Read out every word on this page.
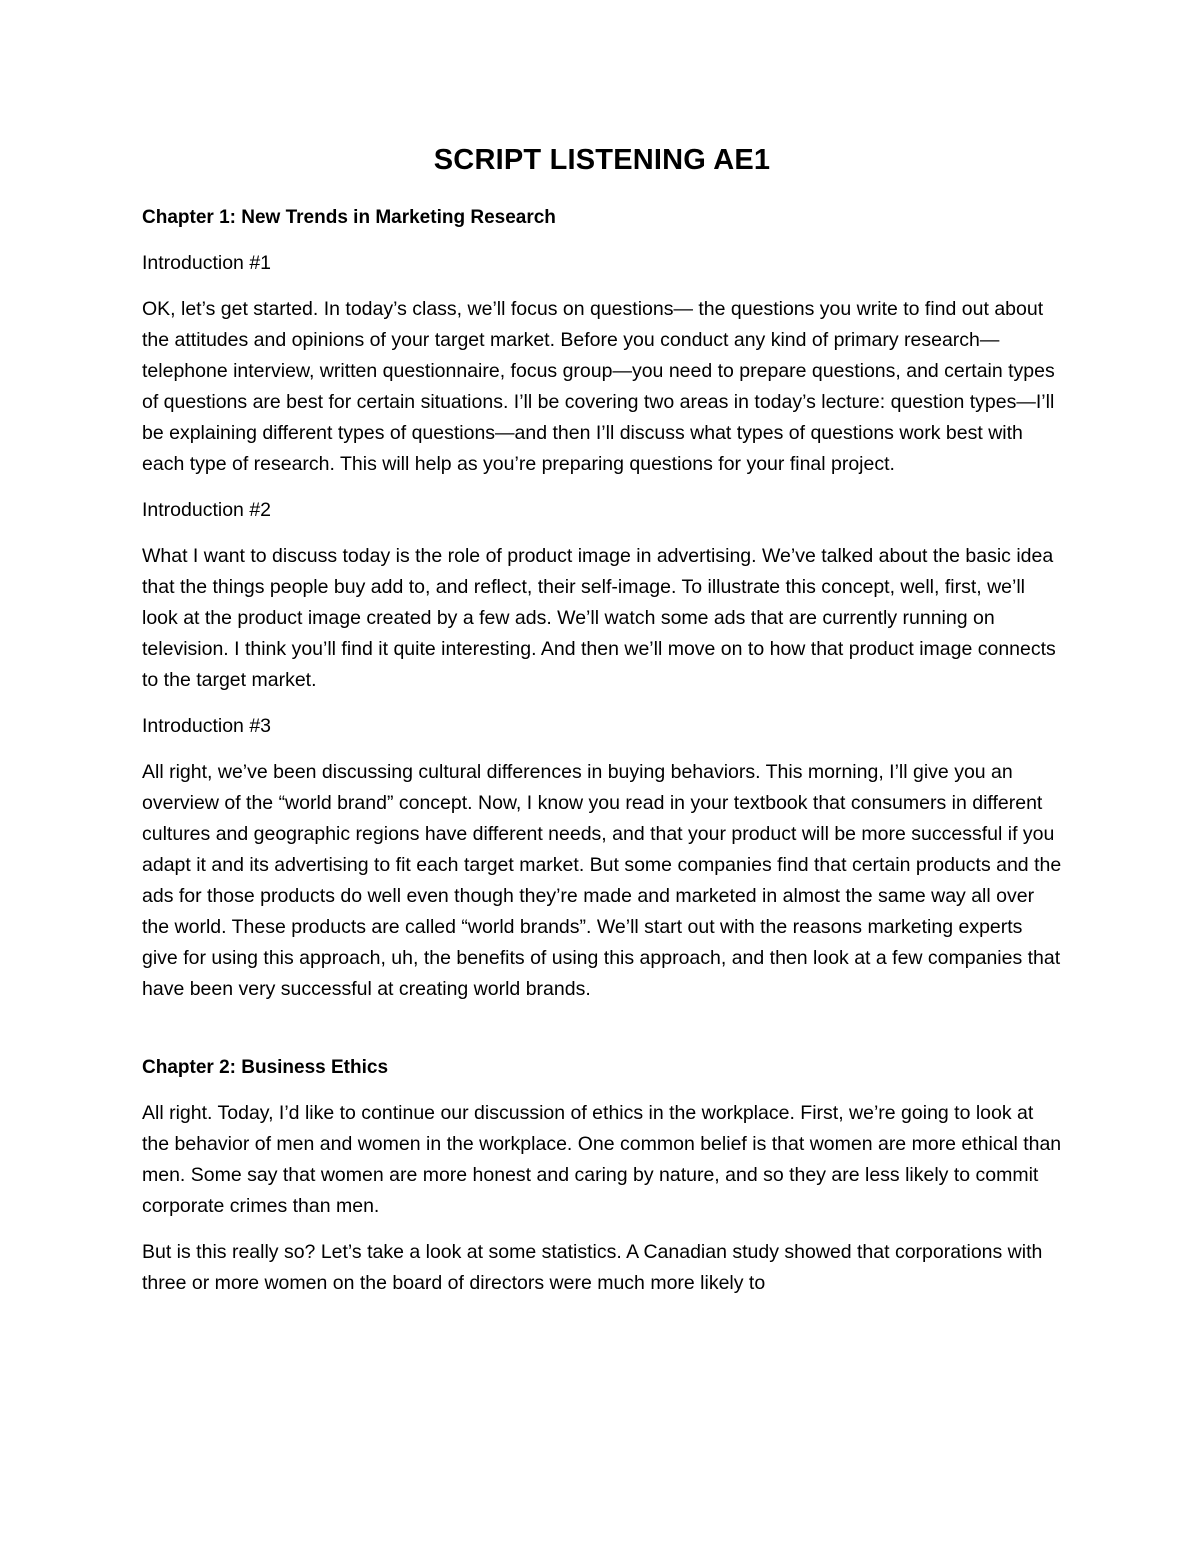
SCRIPT LISTENING AE1
Chapter 1: New Trends in Marketing Research
Introduction #1

OK, let’s get started. In today’s class, we’ll focus on questions— the questions you write to find out about the attitudes and opinions of your target market. Before you conduct any kind of primary research—telephone interview, written questionnaire, focus group—you need to prepare questions, and certain types of questions are best for certain situations. I’ll be covering two areas in today’s lecture: question types—I’ll be explaining different types of questions—and then I’ll discuss what types of questions work best with each type of research. This will help as you’re preparing questions for your final project.

Introduction #2

What I want to discuss today is the role of product image in advertising. We’ve talked about the basic idea that the things people buy add to, and reflect, their self-image. To illustrate this concept, well, first, we’ll look at the product image created by a few ads. We’ll watch some ads that are currently running on television. I think you’ll find it quite interesting. And then we’ll move on to how that product image connects to the target market.

Introduction #3

All right, we’ve been discussing cultural differences in buying behaviors. This morning, I’ll give you an overview of the “world brand” concept. Now, I know you read in your textbook that consumers in different cultures and geographic regions have different needs, and that your product will be more successful if you adapt it and its advertising to fit each target market. But some companies find that certain products and the ads for those products do well even though they’re made and marketed in almost the same way all over the world. These products are called “world brands”. We’ll start out with the reasons marketing experts give for using this approach, uh, the benefits of using this approach, and then look at a few companies that have been very successful at creating world brands.

Chapter 2: Business Ethics

All right. Today, I’d like to continue our discussion of ethics in the workplace. First, we’re going to look at the behavior of men and women in the workplace. One common belief is that women are more ethical than men. Some say that women are more honest and caring by nature, and so they are less likely to commit corporate crimes than men.

But is this really so? Let’s take a look at some statistics. A Canadian study showed that corporations with three or more women on the board of directors were much more likely to
